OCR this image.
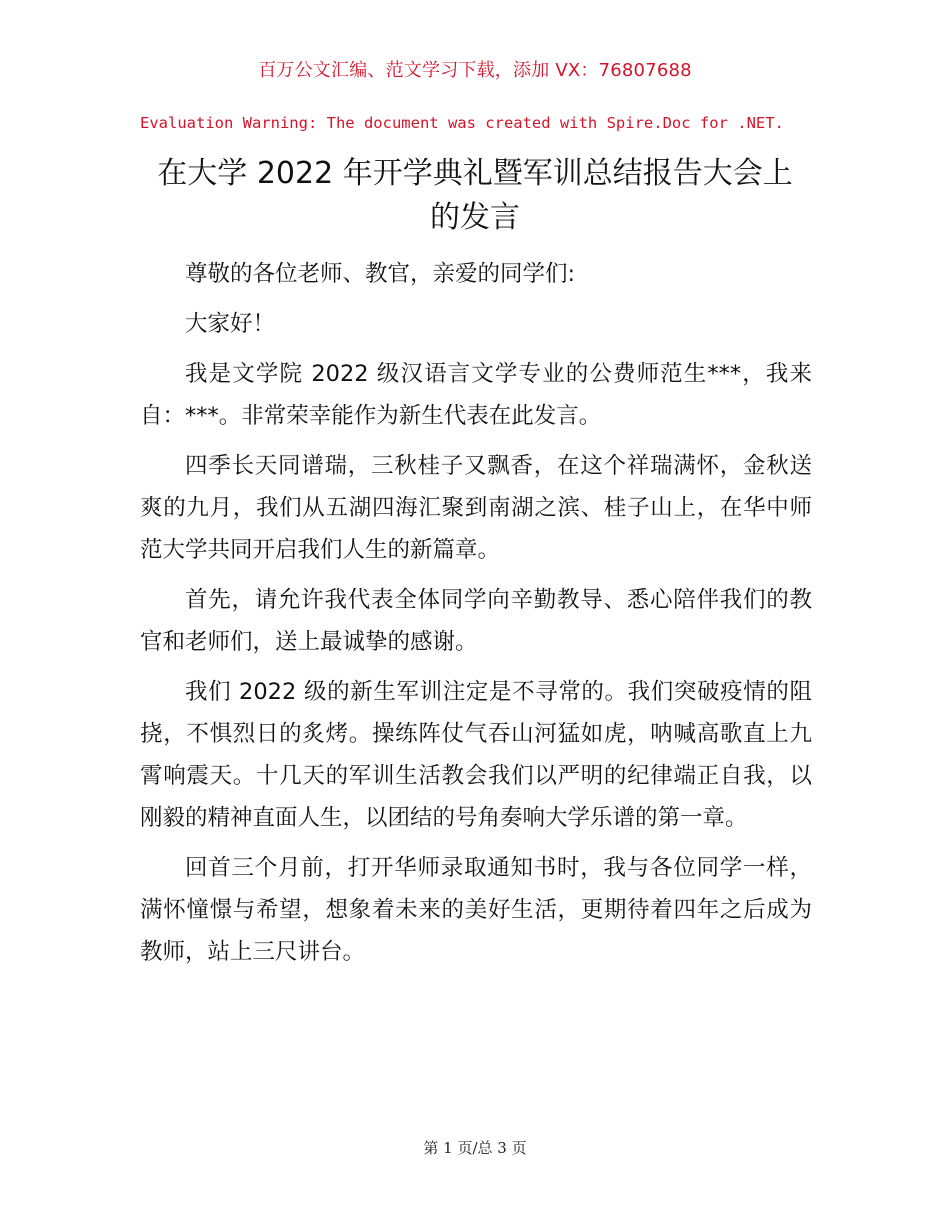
百万公文汇编、范文学习下载，添加 VX：76807688
Evaluation Warning: The document was created with Spire.Doc for .NET.
在大学 2022 年开学典礼暨军训总结报告大会上
的发言

尊敬的各位老师、教官，亲爱的同学们:

大家好！

我是文学院 2022 级汉语言文学专业的公费师范生***，我来自：***。非常荣幸能作为新生代表在此发言。

四季长天同谱瑞，三秋桂子又飘香，在这个祥瑞满怀，金秋送爽的九月，我们从五湖四海汇聚到南湖之滨、桂子山上，在华中师范大学共同开启我们人生的新篇章。

首先，请允许我代表全体同学向辛勤教导、悉心陪伴我们的教官和老师们，送上最诚挚的感谢。

我们 2022 级的新生军训注定是不寻常的。我们突破疫情的阻挠，不惧烈日的炙烤。操练阵仗气吞山河猛如虎，呐喊高歌直上九霄响震天。十几天的军训生活教会我们以严明的纪律端正自我，以刚毅的精神直面人生，以团结的号角奏响大学乐谱的第一章。

回首三个月前，打开华师录取通知书时，我与各位同学一样，满怀憧憬与希望，想象着未来的美好生活，更期待着四年之后成为教师，站上三尺讲台。

第 1 页/总 3 页
